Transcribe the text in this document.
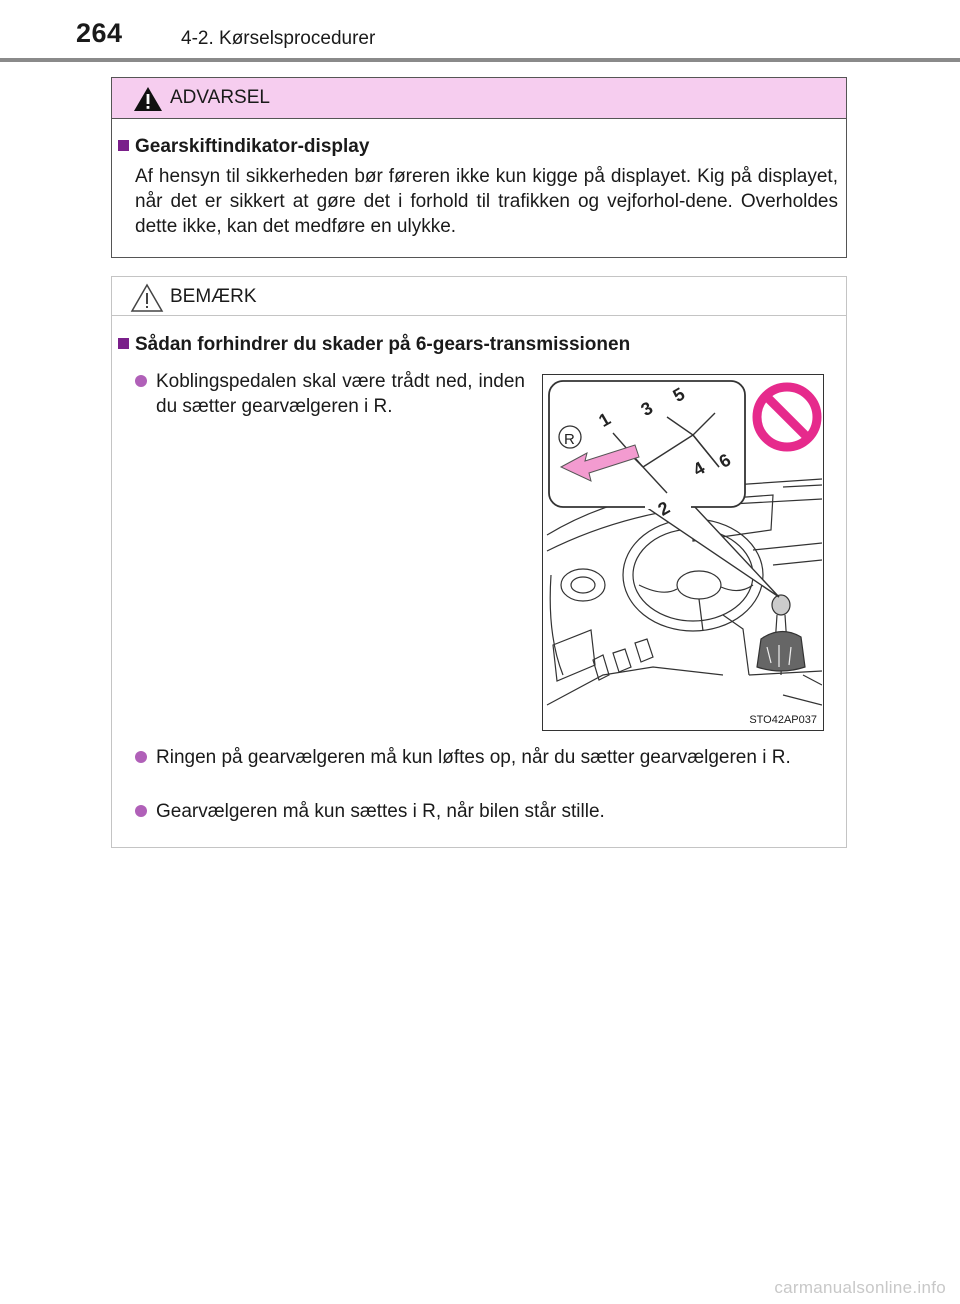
264	4-2. Kørselsprocedurer
ADVARSEL
Gearskiftindikator-display
Af hensyn til sikkerheden bør føreren ikke kun kigge på displayet. Kig på displayet, når det er sikkert at gøre det i forhold til trafikken og vejforhol-dene. Overholdes dette ikke, kan det medføre en ulykke.
BEMÆRK
Sådan forhindrer du skader på 6-gears-transmissionen
Koblingspedalen skal være trådt ned, inden du sætter gearvælgeren i R.
R
1
2
3
4
5
6
STO42AP037
Ringen på gearvælgeren må kun løftes op, når du sætter gearvælgeren i R.
Gearvælgeren må kun sættes i R, når bilen står stille.
carmanualsonline.info
